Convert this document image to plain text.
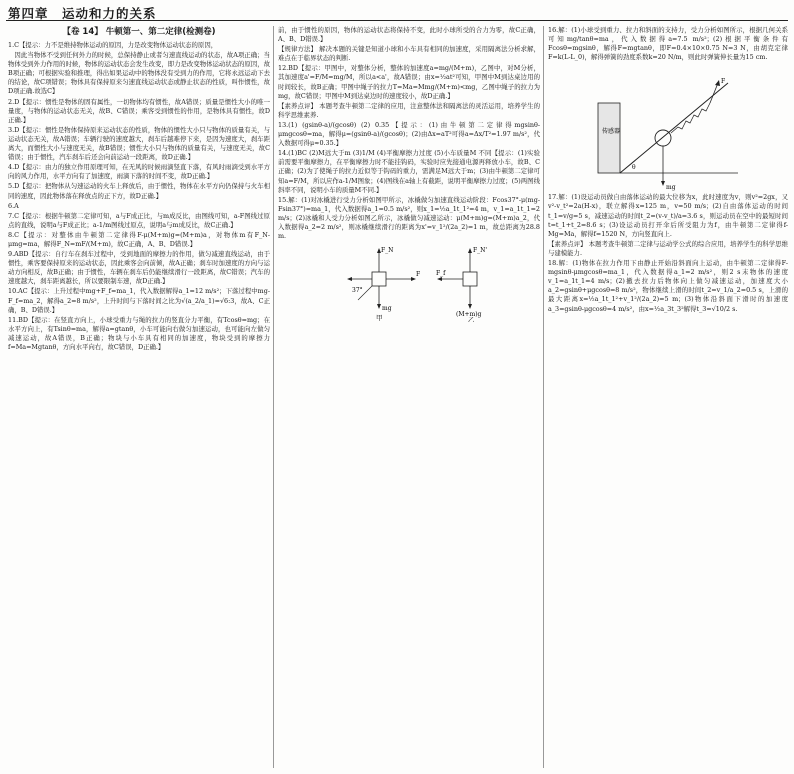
第四章　运动和力的关系
【卷 14】 牛顿第一、第二定律(检测卷)

1.C【提示：力不是维持物体运动的原因，力是改变物体运动状态的原因，

因此当物体不受到任何外力的时候，总保持静止或者匀速直线运动的状态，故A项正确；当物体受到外力作用的时候，物体的运动状态会发生改变，即力是改变物体运动状态的原因，故B项正确；可根据实验和推理，得出如果运动中的物体没有受到力的作用，它将永远运动下去的结论，故C项错误；物体具有保持原来匀速直线运动状态或静止状态的性质，叫作惯性，故D项正确.故选C】

2.D【提示：惯性是物体的固有属性，一切物体均有惯性，故A错误；质量是惯性大小的唯一量度，与物体的运动状态无关，故B、C错误；乘客受到惯性的作用，是物体具有惯性，故D正确.】

3.D【提示：惯性是物体保持原来运动状态的性质，物体的惯性大小只与物体的质量有关，与运动状态无关，故A错误；车辆行驶的速度越大，刹车后越难停下来，是因为速度大，刹车距离大，而惯性大小与速度无关，故B错误；惯性大小只与物体的质量有关，与速度无关，故C错误；由于惯性，汽车刹车后还会向前运动一段距离，故D正确.】

4.D【提示：由力的独立作用原理可知，在无风的时候雨滴竖直下落，有风时雨滴受到水平方向的风力作用，水平方向有了加速度，雨滴下落的时间不变，故D正确.】

5.D【提示：把物体从匀速运动的火车上释放后，由于惯性，物体在水平方向仍保持与火车相同的速度，因此物体落在释放点的正下方，故D正确.】

6.A

7.C【提示：根据牛顿第二定律可知，a与F成正比，与m成反比，由图线可知，a-F图线过原点的直线，说明a与F成正比；a-1/m图线过原点，说明a与m成反比，故C正确.】

8.C【提示：对整体由牛顿第二定律得F-μ(M+m)g=(M+m)a，对物体m有F_N-μmg=ma，解得F_N=mF/(M+m)，故C正确，A、B、D错误.】

9.ABD【提示：自行车在刹车过程中，受到地面的摩擦力的作用，做匀减速直线运动，由于惯性，乘客要保持原来的运动状态，因此乘客会向前倾，故A正确；刹车时加速度的方向与运动方向相反，故B正确；由于惯性，车辆在刹车后仍能继续滑行一段距离，故C错误；汽车的速度越大，刹车距离越长，所以要限制车速，故D正确.】

10.AC【提示：上升过程中mg+F_f=ma_1，代入数据解得a_1=12 m/s²；下落过程中mg-F_f=ma_2，解得a_2=8 m/s²，上升时间与下落时间之比为√(a_2/a_1)=√6:3，故A、C正确，B、D错误.】

11.BD【提示：在竖直方向上，小球受重力与绳的拉力的竖直分力平衡，有Tcosθ=mg；在水平方向上，有Tsinθ=ma，解得a=gtanθ，小车可能向右做匀加速运动，也可能向左做匀减速运动，故A错误，B正确；物块与小车具有相同的加速度，物块受到的摩擦力f=Ma=Mgtanθ，方向水平向右，故C错误，D正确.】

前，由于惯性的原因，物体的运动状态将保持不变，此时小球所受的合力为零，故C正确，A、B、D错误.】

【规律方法】 解决本题的关键是知道小球和小车具有相同的加速度，采用隔离法分析求解，难点在于临界状态的判断.

12.BD【提示：甲图中，对整体分析，整体的加速度a=mg/(M+m)，乙图中，对M分析，其加速度a'=F/M=mg/M，所以a<a'，故A错误；由x=½at²可知，甲图中M到达桌边用的时间较长，故B正确；甲图中绳子的拉力T=Ma=Mmg/(M+m)<mg，乙图中绳子的拉力为mg，故C错误；甲图中M到达桌边时的速度较小，故D正确.】

【素养点评】 本题考查牛顿第二定律的应用，注意整体法和隔离法的灵活运用，培养学生的科学思维素养.

13.(1) (gsinθ-a)/(gcosθ) (2) 0.35【提示：(1)由牛顿第二定律得mgsinθ-μmgcosθ=ma，解得μ=(gsinθ-a)/(gcosθ)；(2)由Δx=aT²可得a=Δx/T²=1.97 m/s²，代入数据可得μ≈0.35.】

14.(1)BC (2)M远大于m (3)1/M (4)平衡摩擦力过度 (5)小车质量M 不同【提示：(1)实验前需要平衡摩擦力，在平衡摩擦力时不能挂钩码，实验时应先接通电源再释放小车，故B、C正确；(2)为了使绳子的拉力近似等于钩码的重力，需满足M远大于m；(3)由牛顿第二定律可知a=F/M，所以应作a-1/M图象；(4)图线在a轴上有截距，说明平衡摩擦力过度；(5)两图线斜率不同，说明小车的质量M不同.】

15.解：(1)对冰橇进行受力分析如图甲所示，冰橇做匀加速直线运动阶段：Fcos37°-μ(mg-Fsin37°)=ma_1，代入数据得a_1=0.5 m/s²，则x_1=½a_1t_1²=4 m，v_1=a_1t_1=2 m/s；(2)冰橇和人受力分析如图乙所示，冰橇做匀减速运动：μ(M+m)g=(M+m)a_2，代入数据得a_2=2 m/s²，则冰橇继续滑行的距离为x'=v_1²/(2a_2)=1 m，故总距离为28.8 m.

F_N
F
37°
mg
甲
F_N'
F_f
(M+m)g
乙

16.解：(1)小球受到重力、拉力和斜面的支持力，受力分析如图所示，根据几何关系可知mg/tanθ=ma，代入数据得a=7.5 m/s²；(2)根据平衡条件有Fcosθ=mgsinθ，解得F=mgtanθ，即F=0.4×10×0.75 N=3 N，由胡克定律F=k(L-L_0)，解得弹簧的劲度系数k=20 N/m，则此时弹簧伸长量为15 cm.

传感器
F
mg
θ

17.解：(1)设运动员做自由落体运动的最大位移为x，此时速度为v，则v²=2gx，又v²-v_t²=2a(H-x)，联立解得x=125 m，v=50 m/s；(2)自由落体运动的时间t_1=v/g=5 s，减速运动的时间t_2=(v-v_t)/a=3.6 s，则运动员在空中的最短时间t=t_1+t_2=8.6 s；(3)设运动员打开伞后所受阻力为f，由牛顿第二定律得f-Mg=Ma，解得f=1520 N，方向竖直向上.

【素养点评】 本题考查牛顿第二定律与运动学公式的综合应用，培养学生的科学思维与建模能力.

18.解：(1)物体在拉力作用下由静止开始沿斜面向上运动，由牛顿第二定律得F-mgsinθ-μmgcosθ=ma_1，代入数据得a_1=2 m/s²，则2 s末物体的速度v_1=a_1t_1=4 m/s；(2)撤去拉力后物体向上做匀减速运动，加速度大小a_2=gsinθ+μgcosθ=8 m/s²，物体继续上滑的时间t_2=v_1/a_2=0.5 s，上滑的最大距离x=½a_1t_1²+v_1²/(2a_2)=5 m；(3)物体沿斜面下滑时的加速度a_3=gsinθ-μgcosθ=4 m/s²，由x=½a_3t_3²解得t_3=√10/2 s.
